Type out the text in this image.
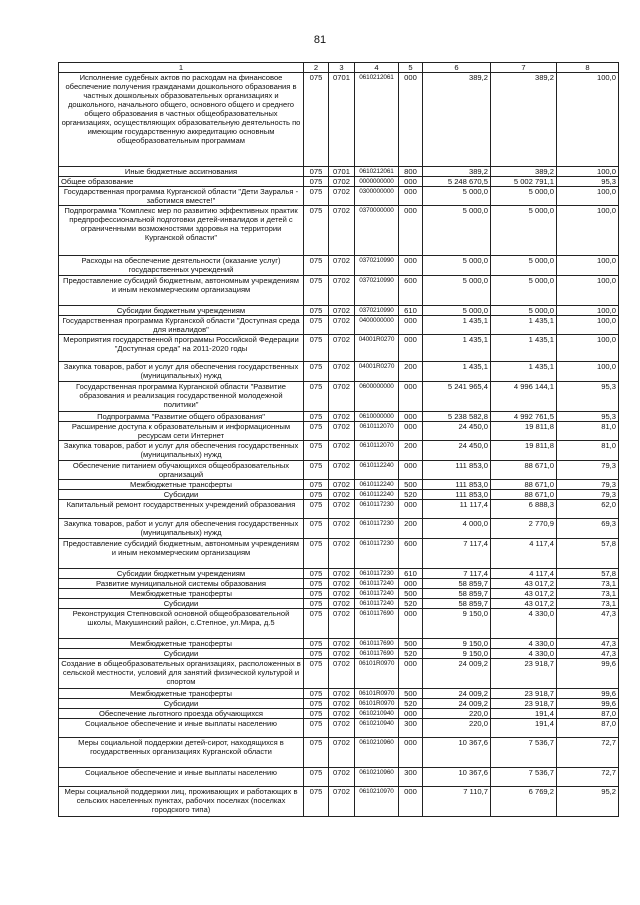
81
1	2	3	4	5	6	7	8
Исполнение судебных актов по расходам на финансовое обеспечение получения гражданами дошкольного образования в частных дошкольных образовательных организациях и дошкольного, начального общего, основного общего и среднего общего образования в частных общеобразовательных организациях, осуществляющих образовательную деятельность по имеющим государственную аккредитацию основным общеобразовательным программам	075	0701	0610212061	000	389,2	389,2	100,0
Иные бюджетные ассигнования	075	0701	0610212061	800	389,2	389,2	100,0
Общее образование	075	0702	0000000000	000	5 248 670,5	5 002 791,1	95,3
Государственная программа Курганской области "Дети Зауралья - заботимся вместе!"	075	0702	0300000000	000	5 000,0	5 000,0	100,0
Подпрограмма "Комплекс мер по развитию эффективных практик предпрофессиональной подготовки детей-инвалидов и детей с ограниченными возможностями здоровья на территории Курганской области"	075	0702	0370000000	000	5 000,0	5 000,0	100,0
Расходы на обеспечение деятельности (оказание услуг) государственных учреждений	075	0702	0370210990	000	5 000,0	5 000,0	100,0
Предоставление субсидий бюджетным, автономным учреждениям и иным некоммерческим организациям	075	0702	0370210990	600	5 000,0	5 000,0	100,0
Субсидии бюджетным учреждениям	075	0702	0370210990	610	5 000,0	5 000,0	100,0
Государственная программа Курганской области "Доступная среда для инвалидов"	075	0702	0400000000	000	1 435,1	1 435,1	100,0
Мероприятия государственной программы Российской Федерации "Доступная среда" на 2011-2020 годы	075	0702	04001R0270	000	1 435,1	1 435,1	100,0
Закупка товаров, работ и услуг для обеспечения государственных (муниципальных) нужд	075	0702	04001R0270	200	1 435,1	1 435,1	100,0
Государственная программа Курганской области "Развитие образования и реализация государственной молодежной политики"	075	0702	0600000000	000	5 241 965,4	4 996 144,1	95,3
Подпрограмма "Развитие общего образования"	075	0702	0610000000	000	5 238 582,8	4 992 761,5	95,3
Расширение доступа к образовательным и информационным ресурсам сети Интернет	075	0702	0610112070	000	24 450,0	19 811,8	81,0
Закупка товаров, работ и услуг для обеспечения государственных (муниципальных) нужд	075	0702	0610112070	200	24 450,0	19 811,8	81,0
Обеспечение питанием обучающихся общеобразовательных организаций	075	0702	0610112240	000	111 853,0	88 671,0	79,3
Межбюджетные трансферты	075	0702	0610112240	500	111 853,0	88 671,0	79,3
Субсидии	075	0702	0610112240	520	111 853,0	88 671,0	79,3
Капитальный ремонт государственных учреждений образования	075	0702	0610117230	000	11 117,4	6 888,3	62,0
Закупка товаров, работ и услуг для обеспечения государственных (муниципальных) нужд	075	0702	0610117230	200	4 000,0	2 770,9	69,3
Предоставление субсидий бюджетным, автономным учреждениям и иным некоммерческим организациям	075	0702	0610117230	600	7 117,4	4 117,4	57,8
Субсидии бюджетным учреждениям	075	0702	0610117230	610	7 117,4	4 117,4	57,8
Развитие муниципальной системы образования	075	0702	0610117240	000	58 859,7	43 017,2	73,1
Межбюджетные трансферты	075	0702	0610117240	500	58 859,7	43 017,2	73,1
Субсидии	075	0702	0610117240	520	58 859,7	43 017,2	73,1
Реконструкция Степновской основной общеобразовательной школы, Макушинский район, с.Степное, ул.Мира, д.5	075	0702	0610117690	000	9 150,0	4 330,0	47,3
Межбюджетные трансферты	075	0702	0610117690	500	9 150,0	4 330,0	47,3
Субсидии	075	0702	0610117690	520	9 150,0	4 330,0	47,3
Создание в общеобразовательных организациях, расположенных в сельской местности, условий для занятий физической культурой и спортом	075	0702	06101R0970	000	24 009,2	23 918,7	99,6
Межбюджетные трансферты	075	0702	06101R0970	500	24 009,2	23 918,7	99,6
Субсидии	075	0702	06101R0970	520	24 009,2	23 918,7	99,6
Обеспечение льготного проезда обучающихся	075	0702	0610210940	000	220,0	191,4	87,0
Социальное обеспечение и иные выплаты населению	075	0702	0610210940	300	220,0	191,4	87,0
Меры социальной поддержки детей-сирот, находящихся в государственных организациях Курганской области	075	0702	0610210960	000	10 367,6	7 536,7	72,7
Социальное обеспечение и иные выплаты населению	075	0702	0610210960	300	10 367,6	7 536,7	72,7
Меры социальной поддержки лиц, проживающих и работающих в сельских населенных пунктах, рабочих поселках (поселках городского типа)	075	0702	0610210970	000	7 110,7	6 769,2	95,2
